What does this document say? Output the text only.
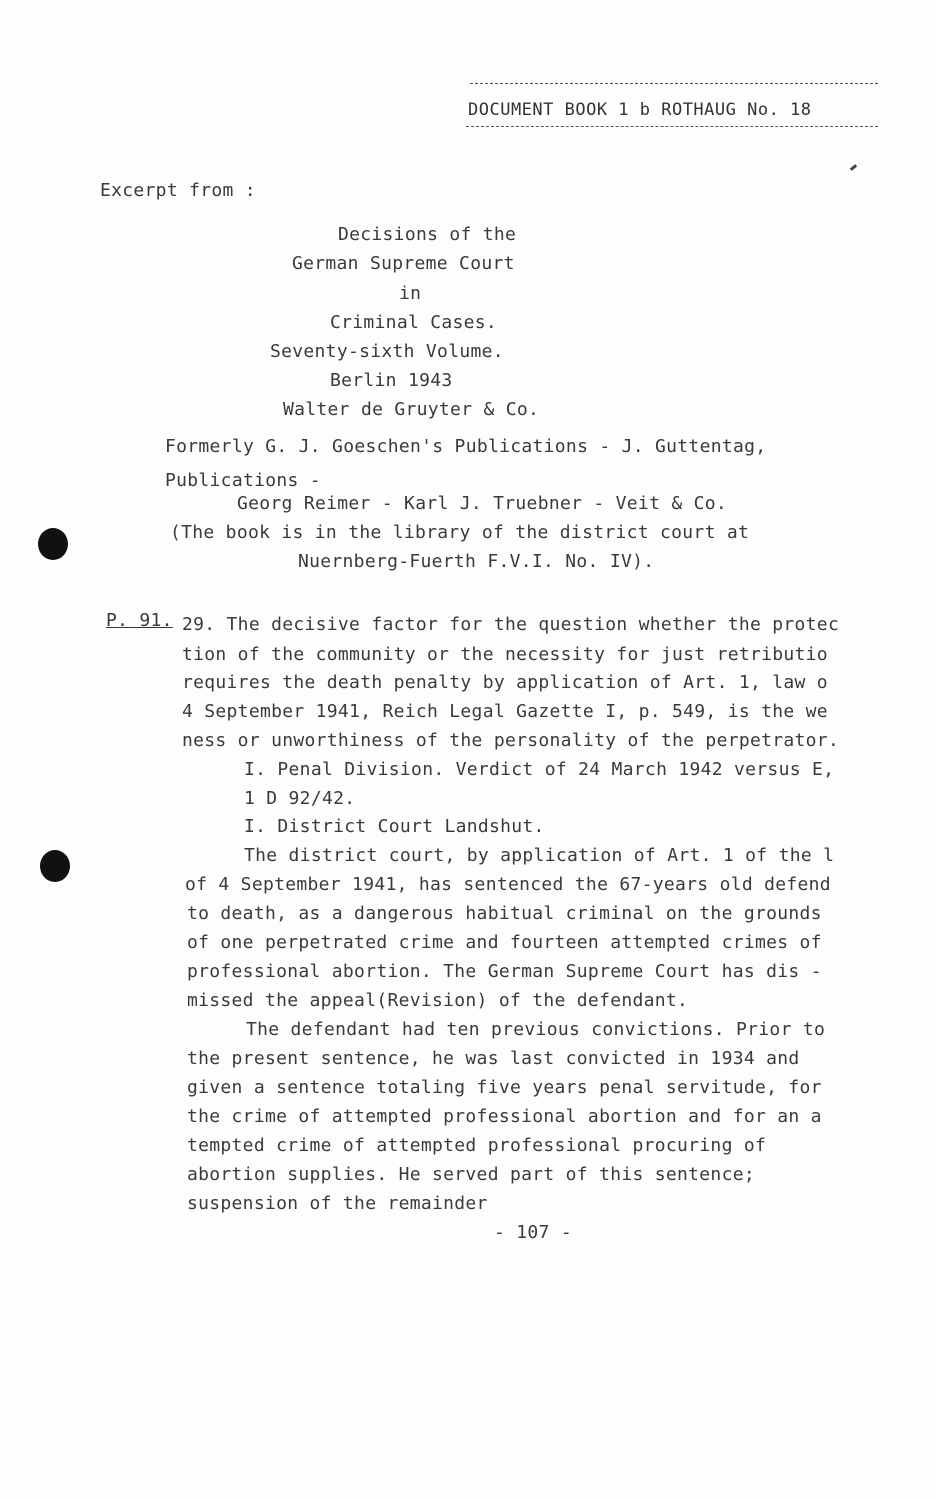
DOCUMENT BOOK 1 b ROTHAUG No. 18
Excerpt from :
Decisions of the
German Supreme Court
in
Criminal Cases.
Seventy-sixth Volume.
Berlin 1943
Walter de Gruyter & Co.
Formerly G. J. Goeschen's Publications - J. Guttentag,
Publications -
Georg Reimer - Karl J. Truebner - Veit & Co.
(The book is in the library of the district court at
Nuernberg-Fuerth F.V.I. No. IV).
P. 91. 29. The decisive factor for the question whether the protec
tion of the community or the necessity for just retributio
requires the death penalty by application of Art. 1, law o
4 September 1941, Reich Legal Gazette I, p. 549, is the we
ness or unworthiness of the personality of the perpetrator.
I. Penal Division. Verdict of 24 March 1942 versus E,
1 D 92/42.
I. District Court Landshut.
The district court, by application of Art. 1 of the l
of 4 September 1941, has sentenced the 67-years old defend
to death, as a dangerous habitual criminal on the grounds
of one perpetrated crime and fourteen attempted crimes of
professional abortion. The German Supreme Court has dis -
missed the appeal(Revision) of the defendant.
The defendant had ten previous convictions. Prior to
the present sentence, he was last convicted in 1934 and
given a sentence totaling five years penal servitude, for
the crime of attempted professional abortion and for an a
tempted crime of attempted professional procuring of
abortion supplies. He served part of this sentence;
suspension of the remainder
- 107 -
